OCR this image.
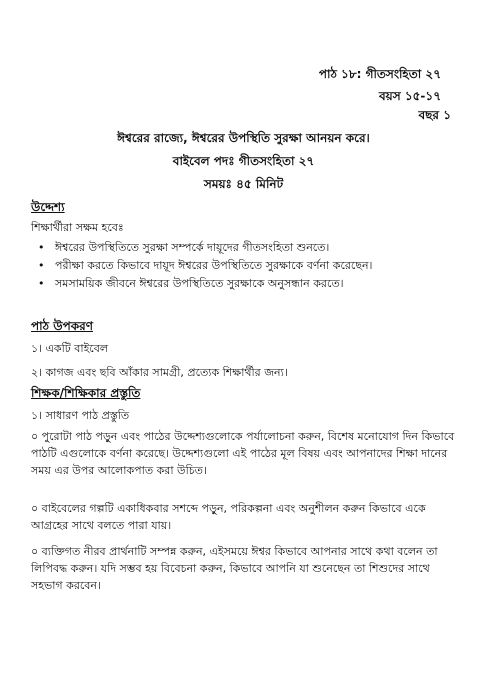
পাঠ ১৮: গীতসংহিতা ২৭
বয়স ১৫-১৭
বছর ১
ঈশ্বরের রাজ্যে, ঈশ্বরের উপস্থিতি সুরক্ষা আনয়ন করে।
বাইবেল পদঃ গীতসংহিতা ২৭
সময়ঃ ৪৫ মিনিট
উদ্দেশ্য
শিক্ষার্থীরা সক্ষম হবেঃ
• ঈশ্বরের উপস্থিতিতে সুরক্ষা সম্পর্কে দায়ূদের গীতসংহিতা শুনতে।
• পরীক্ষা করতে কিভাবে দায়ূদ ঈশ্বরের উপস্থিতিতে সুরক্ষাকে বর্ণনা করেছেন।
• সমসাময়িক জীবনে ঈশ্বরের উপস্থিতিতে সুরক্ষাকে অনুসন্ধান করতে।
পাঠ উপকরণ
১। একটি বাইবেল
২। কাগজ এবং ছবি আঁকার সামগ্রী, প্রত্যেক শিক্ষার্থীর জন্য।
শিক্ষক/শিক্ষিকার প্রস্তুতি
১। সাধারণ পাঠ প্রস্তুতি
০ পুরোটা পাঠ পড়ুন এবং পাঠের উদ্দেশ্যগুলোকে পর্যালোচনা করুন, বিশেষ মনোযোগ দিন কিভাবে পাঠটি এগুলোকে বর্ণনা করেছে। উদ্দেশ্যগুলো এই পাঠের মূল বিষয় এবং আপনাদের শিক্ষা দানের সময় এর উপর আলোকপাত করা উচিত।
০ বাইবেলের গল্পটি একাধিকবার সশব্দে পড়ুন, পরিকল্পনা এবং অনুশীলন করুন কিভাবে একে আগ্রহের সাথে বলতে পারা যায়।
০ ব্যক্তিগত নীরব প্রার্থনাটি সম্পন্ন করুন, এইসময়ে ঈশ্বর কিভাবে আপনার সাথে কথা বলেন তা লিপিবদ্ধ করুন। যদি সম্ভব হয় বিবেচনা করুন, কিভাবে আপনি যা শুনেছেন তা শিশুদের সাথে সহভাগ করবেন।
